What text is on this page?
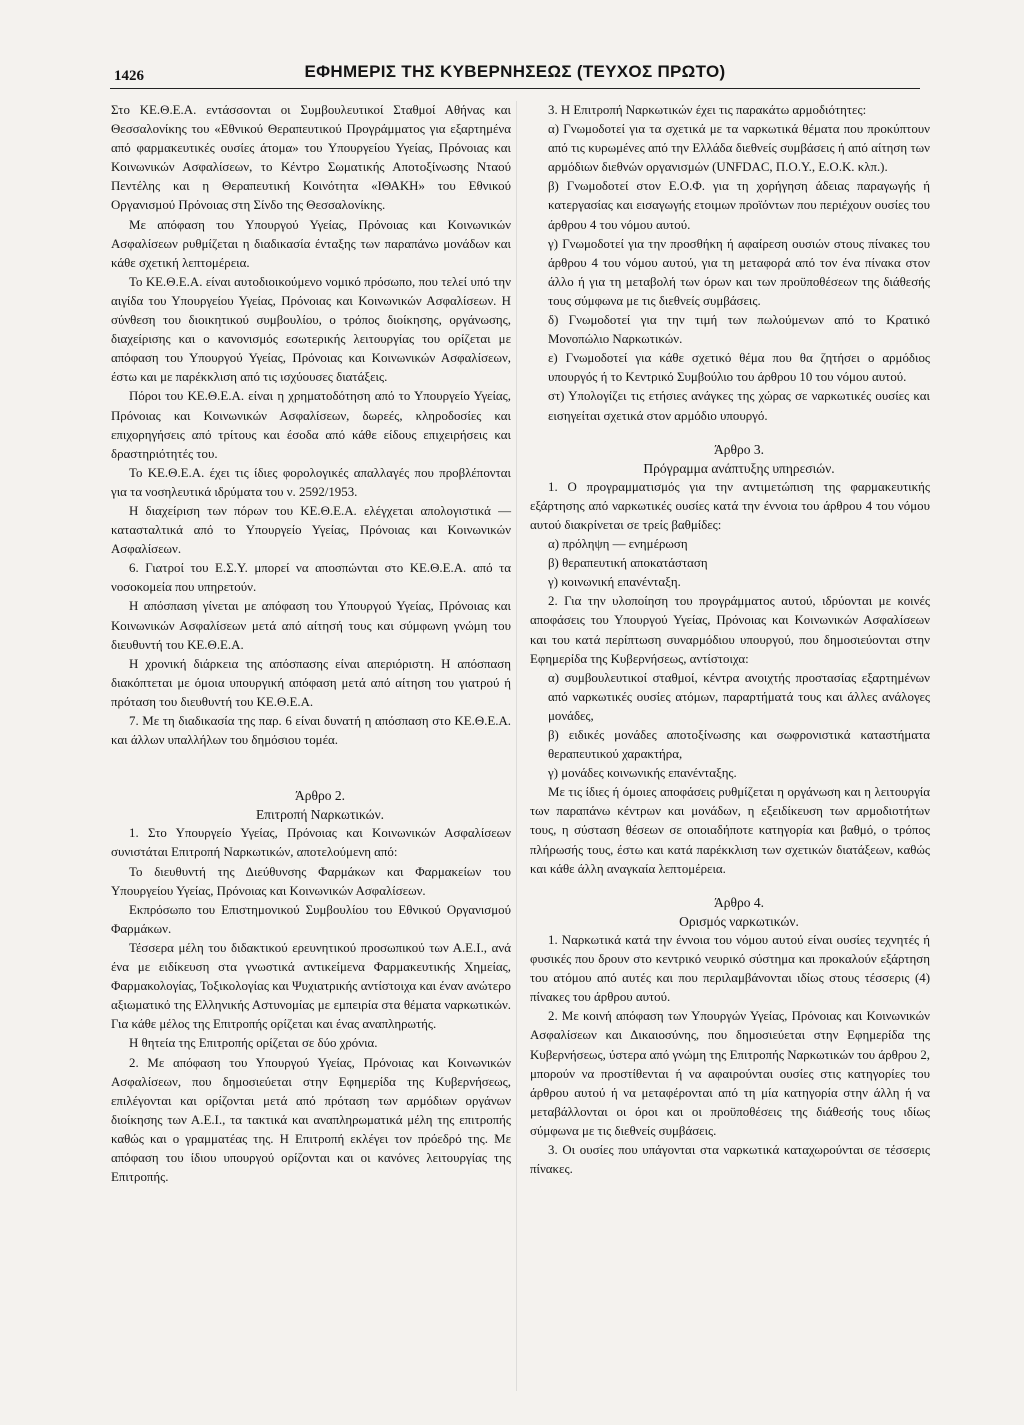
1426	ΕΦΗΜΕΡΙΣ ΤΗΣ ΚΥΒΕΡΝΗΣΕΩΣ (ΤΕΥΧΟΣ ΠΡΩΤΟ)

Στο ΚΕ.Θ.Ε.Α. εντάσσονται οι Συμβουλευτικοί Σταθμοί Αθήνας και Θεσσαλονίκης του «Εθνικού Θεραπευτικού Προγράμματος για εξαρτημένα από φαρμακευτικές ουσίες άτομα» του Υπουργείου Υγείας, Πρόνοιας και Κοινωνικών Ασφαλίσεων, το Κέντρο Σωματικής Αποτοξίνωσης Νταού Πεντέλης και η Θεραπευτική Κοινότητα «ΙΘΑΚΗ» του Εθνικού Οργανισμού Πρόνοιας στη Σίνδο της Θεσσαλονίκης.

Με απόφαση του Υπουργού Υγείας, Πρόνοιας και Κοινωνικών Ασφαλίσεων ρυθμίζεται η διαδικασία ένταξης των παραπάνω μονάδων και κάθε σχετική λεπτομέρεια.

Το ΚΕ.Θ.Ε.Α. είναι αυτοδιοικούμενο νομικό πρόσωπο, που τελεί υπό την αιγίδα του Υπουργείου Υγείας, Πρόνοιας και Κοινωνικών Ασφαλίσεων. Η σύνθεση του διοικητικού συμβουλίου, ο τρόπος διοίκησης, οργάνωσης, διαχείρισης και ο κανονισμός εσωτερικής λειτουργίας του ορίζεται με απόφαση του Υπουργού Υγείας, Πρόνοιας και Κοινωνικών Ασφαλίσεων, έστω και με παρέκκλιση από τις ισχύουσες διατάξεις.

Πόροι του ΚΕ.Θ.Ε.Α. είναι η χρηματοδότηση από το Υπουργείο Υγείας, Πρόνοιας και Κοινωνικών Ασφαλίσεων, δωρεές, κληροδοσίες και επιχορηγήσεις από τρίτους και έσοδα από κάθε είδους επιχειρήσεις και δραστηριότητές του.

Το ΚΕ.Θ.Ε.Α. έχει τις ίδιες φορολογικές απαλλαγές που προβλέπονται για τα νοσηλευτικά ιδρύματα του ν. 2592/1953.

Η διαχείριση των πόρων του ΚΕ.Θ.Ε.Α. ελέγχεται απολογιστικά — κατασταλτικά από το Υπουργείο Υγείας, Πρόνοιας και Κοινωνικών Ασφαλίσεων.

6. Γιατροί του Ε.Σ.Υ. μπορεί να αποσπώνται στο ΚΕ.Θ.Ε.Α. από τα νοσοκομεία που υπηρετούν.

Η απόσπαση γίνεται με απόφαση του Υπουργού Υγείας, Πρόνοιας και Κοινωνικών Ασφαλίσεων μετά από αίτησή τους και σύμφωνη γνώμη του διευθυντή του ΚΕ.Θ.Ε.Α.

Η χρονική διάρκεια της απόσπασης είναι απεριόριστη. Η απόσπαση διακόπτεται με όμοια υπουργική απόφαση μετά από αίτηση του γιατρού ή πρόταση του διευθυντή του ΚΕ.Θ.Ε.Α.

7. Με τη διαδικασία της παρ. 6 είναι δυνατή η απόσπαση στο ΚΕ.Θ.Ε.Α. και άλλων υπαλλήλων του δημόσιου τομέα.

Άρθρο 2.

Επιτροπή Ναρκωτικών.

1. Στο Υπουργείο Υγείας, Πρόνοιας και Κοινωνικών Ασφαλίσεων συνιστάται Επιτροπή Ναρκωτικών, αποτελούμενη από:

Το διευθυντή της Διεύθυνσης Φαρμάκων και Φαρμακείων του Υπουργείου Υγείας, Πρόνοιας και Κοινωνικών Ασφαλίσεων.

Εκπρόσωπο του Επιστημονικού Συμβουλίου του Εθνικού Οργανισμού Φαρμάκων.

Τέσσερα μέλη του διδακτικού ερευνητικού προσωπικού των Α.Ε.Ι., ανά ένα με ειδίκευση στα γνωστικά αντικείμενα Φαρμακευτικής Χημείας, Φαρμακολογίας, Τοξικολογίας και Ψυχιατρικής αντίστοιχα και έναν ανώτερο αξιωματικό της Ελληνικής Αστυνομίας με εμπειρία στα θέματα ναρκωτικών. Για κάθε μέλος της Επιτροπής ορίζεται και ένας αναπληρωτής.

Η θητεία της Επιτροπής ορίζεται σε δύο χρόνια.

2. Με απόφαση του Υπουργού Υγείας, Πρόνοιας και Κοινωνικών Ασφαλίσεων, που δημοσιεύεται στην Εφημερίδα της Κυβερνήσεως, επιλέγονται και ορίζονται μετά από πρόταση των αρμόδιων οργάνων διοίκησης των Α.Ε.Ι., τα τακτικά και αναπληρωματικά μέλη της επιτροπής καθώς και ο γραμματέας της. Η Επιτροπή εκλέγει τον πρόεδρό της. Με απόφαση του ίδιου υπουργού ορίζονται και οι κανόνες λειτουργίας της Επιτροπής.

3. Η Επιτροπή Ναρκωτικών έχει τις παρακάτω αρμοδιότητες:

α) Γνωμοδοτεί για τα σχετικά με τα ναρκωτικά θέματα που προκύπτουν από τις κυρωμένες από την Ελλάδα διεθνείς συμβάσεις ή από αίτηση των αρμόδιων διεθνών οργανισμών (UNFDAC, Π.Ο.Υ., Ε.Ο.Κ. κλπ.).

β) Γνωμοδοτεί στον Ε.Ο.Φ. για τη χορήγηση άδειας παραγωγής ή κατεργασίας και εισαγωγής ετοιμων προϊόντων που περιέχουν ουσίες του άρθρου 4 του νόμου αυτού.

γ) Γνωμοδοτεί για την προσθήκη ή αφαίρεση ουσιών στους πίνακες του άρθρου 4 του νόμου αυτού, για τη μεταφορά από τον ένα πίνακα στον άλλο ή για τη μεταβολή των όρων και των προϋποθέσεων της διάθεσής τους σύμφωνα με τις διεθνείς συμβάσεις.

δ) Γνωμοδοτεί για την τιμή των πωλούμενων από το Κρατικό Μονοπώλιο Ναρκωτικών.

ε) Γνωμοδοτεί για κάθε σχετικό θέμα που θα ζητήσει ο αρμόδιος υπουργός ή το Κεντρικό Συμβούλιο του άρθρου 10 του νόμου αυτού.

στ) Υπολογίζει τις ετήσιες ανάγκες της χώρας σε ναρκωτικές ουσίες και εισηγείται σχετικά στον αρμόδιο υπουργό.

Άρθρο 3.

Πρόγραμμα ανάπτυξης υπηρεσιών.

1. Ο προγραμματισμός για την αντιμετώπιση της φαρμακευτικής εξάρτησης από ναρκωτικές ουσίες κατά την έννοια του άρθρου 4 του νόμου αυτού διακρίνεται σε τρείς βαθμίδες:

α) πρόληψη — ενημέρωση

β) θεραπευτική αποκατάσταση

γ) κοινωνική επανένταξη.

2. Για την υλοποίηση του προγράμματος αυτού, ιδρύονται με κοινές αποφάσεις του Υπουργού Υγείας, Πρόνοιας και Κοινωνικών Ασφαλίσεων και του κατά περίπτωση συναρμόδιου υπουργού, που δημοσιεύονται στην Εφημερίδα της Κυβερνήσεως, αντίστοιχα:

α) συμβουλευτικοί σταθμοί, κέντρα ανοιχτής προστασίας εξαρτημένων από ναρκωτικές ουσίες ατόμων, παραρτήματά τους και άλλες ανάλογες μονάδες,

β) ειδικές μονάδες αποτοξίνωσης και σωφρονιστικά καταστήματα θεραπευτικού χαρακτήρα,

γ) μονάδες κοινωνικής επανένταξης.

Με τις ίδιες ή όμοιες αποφάσεις ρυθμίζεται η οργάνωση και η λειτουργία των παραπάνω κέντρων και μονάδων, η εξειδίκευση των αρμοδιοτήτων τους, η σύσταση θέσεων σε οποιαδήποτε κατηγορία και βαθμό, ο τρόπος πλήρωσής τους, έστω και κατά παρέκκλιση των σχετικών διατάξεων, καθώς και κάθε άλλη αναγκαία λεπτομέρεια.

Άρθρο 4.

Ορισμός ναρκωτικών.

1. Ναρκωτικά κατά την έννοια του νόμου αυτού είναι ουσίες τεχνητές ή φυσικές που δρουν στο κεντρικό νευρικό σύστημα και προκαλούν εξάρτηση του ατόμου από αυτές και που περιλαμβάνονται ιδίως στους τέσσερις (4) πίνακες του άρθρου αυτού.

2. Με κοινή απόφαση των Υπουργών Υγείας, Πρόνοιας και Κοινωνικών Ασφαλίσεων και Δικαιοσύνης, που δημοσιεύεται στην Εφημερίδα της Κυβερνήσεως, ύστερα από γνώμη της Επιτροπής Ναρκωτικών του άρθρου 2, μπορούν να προστίθενται ή να αφαιρούνται ουσίες στις κατηγορίες του άρθρου αυτού ή να μεταφέρονται από τη μία κατηγορία στην άλλη ή να μεταβάλλονται οι όροι και οι προϋποθέσεις της διάθεσής τους ιδίως σύμφωνα με τις διεθνείς συμβάσεις.

3. Οι ουσίες που υπάγονται στα ναρκωτικά καταχωρούνται σε τέσσερις πίνακες.
